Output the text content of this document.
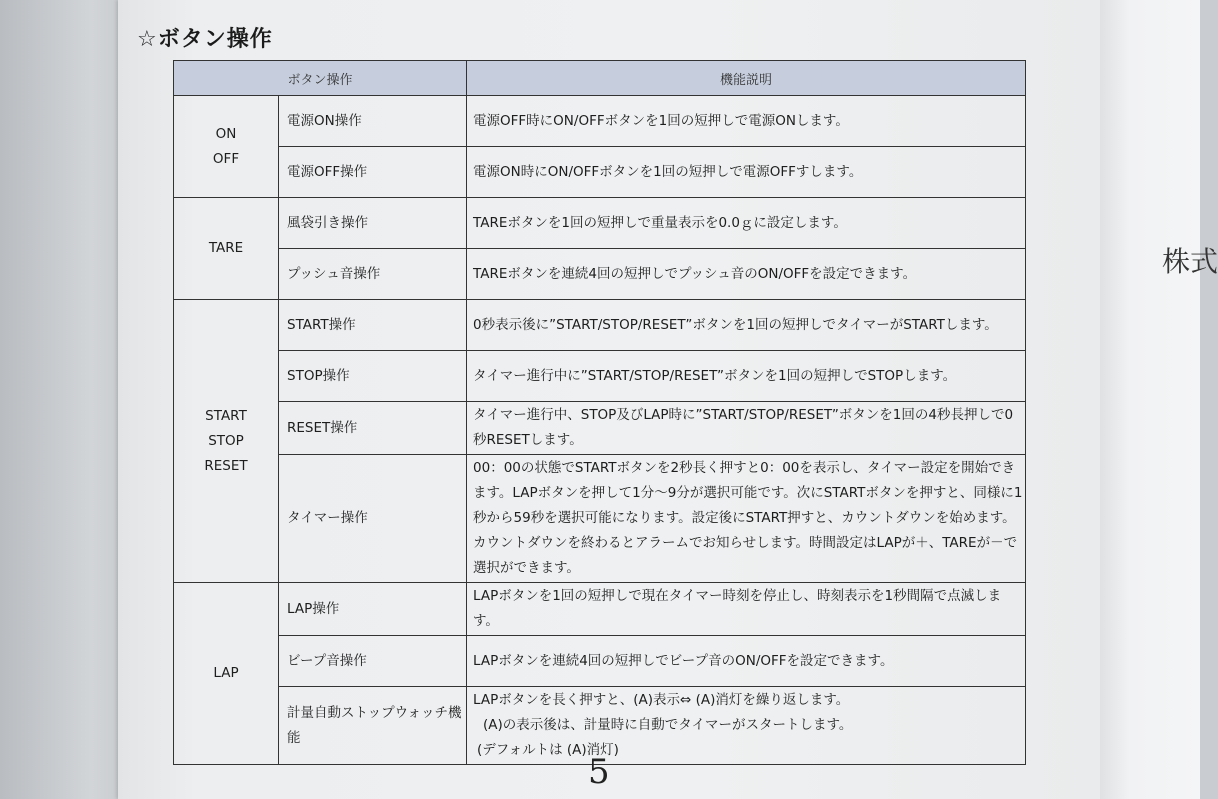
株式
☆ボタン操作
ボタン操作		機能説明

ON
OFF	電源ON操作	電源OFF時にON/OFFボタンを1回の短押しで電源ONします。
	電源OFF操作	電源ON時にON/OFFボタンを1回の短押しで電源OFFすします。

TARE	風袋引き操作	TAREボタンを1回の短押しで重量表示を0.0ｇに設定します。
	プッシュ音操作	TAREボタンを連続4回の短押しでプッシュ音のON/OFFを設定できます。

START
STOP
RESET	START操作	0秒表示後に”START/STOP/RESET”ボタンを1回の短押しでタイマーがSTARTします。
	STOP操作	タイマー進行中に”START/STOP/RESET”ボタンを1回の短押しでSTOPします。
	RESET操作	タイマー進行中、STOP及びLAP時に”START/STOP/RESET”ボタンを1回の4秒長押しで0秒RESETします。
	タイマー操作	00：00の状態でSTARTボタンを2秒長く押すと0：00を表示し、タイマー設定を開始できます。LAPボタンを押して1分～9分が選択可能です。次にSTARTボタンを押すと、同様に1秒から59秒を選択可能になります。設定後にSTART押すと、カウントダウンを始めます。カウントダウンを終わるとアラームでお知らせします。時間設定はLAPが＋、TAREが－で選択ができます。

LAP	LAP操作	LAPボタンを1回の短押しで現在タイマー時刻を停止し、時刻表示を1秒間隔で点滅します。
	ビープ音操作	LAPボタンを連続4回の短押しでビープ音のON/OFFを設定できます。
	計量自動ストップウォッチ機能	LAPボタンを長く押すと、(A)表示⇔ (A)消灯を繰り返します。
(A)の表示後は、計量時に自動でタイマーがスタートします。
(デフォルトは (A)消灯)
5
